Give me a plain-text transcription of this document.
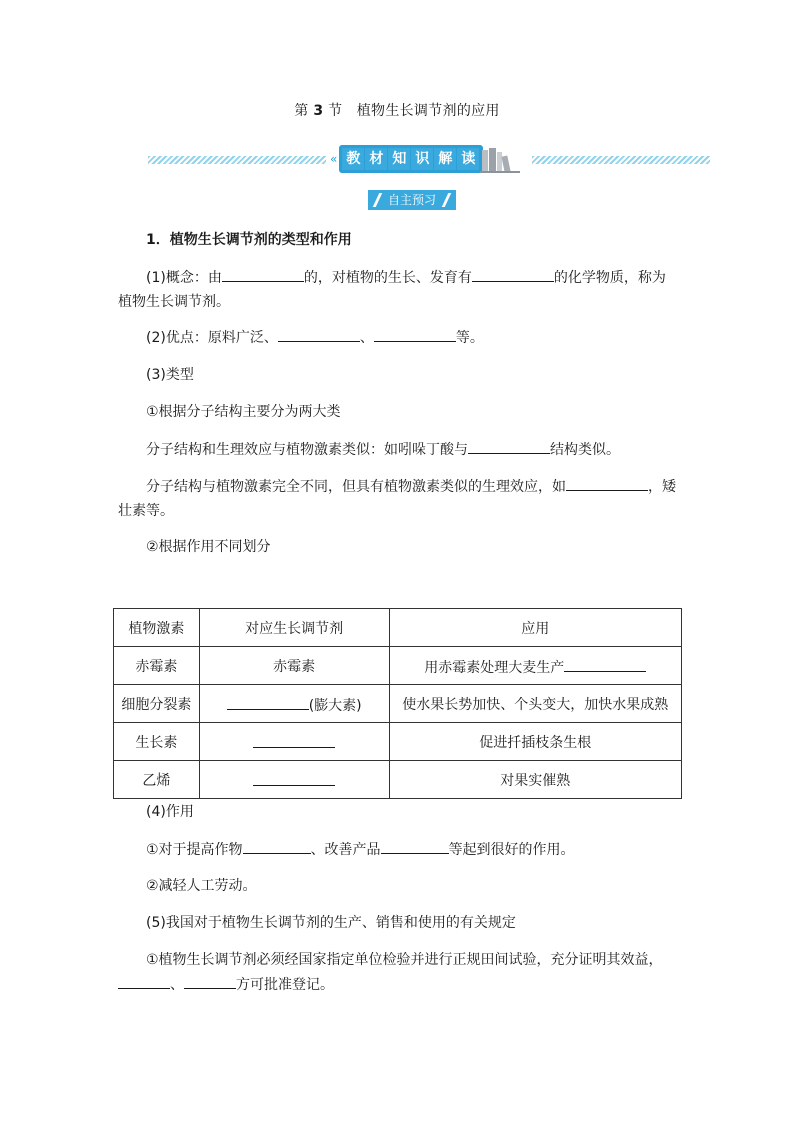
第 3 节 植物生长调节剂的应用
« 教 材 知 识 解 读
自主预习
1．植物生长调节剂的类型和作用
(1)概念：由	的，对植物的生长、发育有	的化学物质，称为
植物生长调节剂。
(2)优点：原料广泛、	、	等。
(3)类型
①根据分子结构主要分为两大类
分子结构和生理效应与植物激素类似：如吲哚丁酸与	结构类似。
分子结构与植物激素完全不同，但具有植物激素类似的生理效应，如	，矮
壮素等。
②根据作用不同划分
植物激素	对应生长调节剂	应用
赤霉素	赤霉素	用赤霉素处理大麦生产
细胞分裂素	(膨大素)	使水果长势加快、个头变大，加快水果成熟
生长素		促进扦插枝条生根
乙烯		对果实催熟
(4)作用
①对于提高作物	、改善产品	等起到很好的作用。
②减轻人工劳动。
(5)我国对于植物生长调节剂的生产、销售和使用的有关规定
①植物生长调节剂必须经国家指定单位检验并进行正规田间试验，充分证明其效益，
、	方可批准登记。
